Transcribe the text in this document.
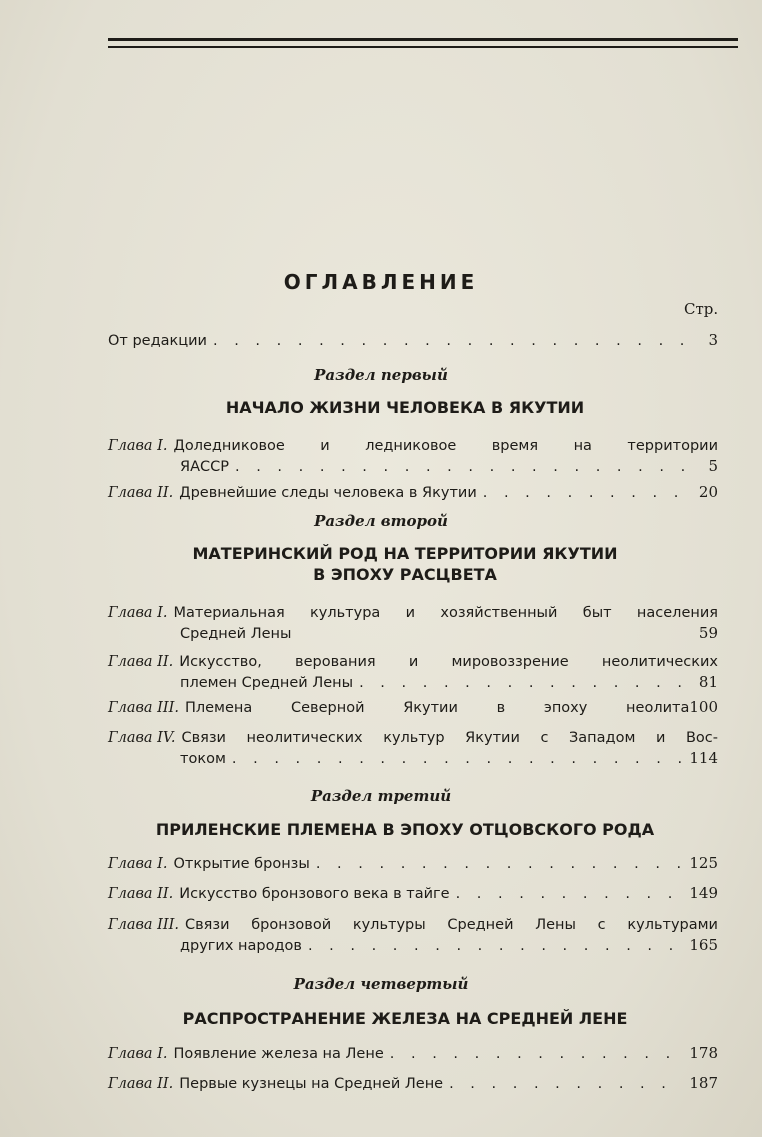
ОГЛАВЛЕНИЕ
Стр.
От редакции . . .	3
Раздел первый
НАЧАЛО ЖИЗНИ ЧЕЛОВЕКА В ЯКУТИИ
Глава I. Доледниковое и ледниковое время на территории
ЯАССР . . .	5
Глава II. Древнейшие следы человека в Якутии . . .	20
Раздел второй
МАТЕРИНСКИЙ РОД НА ТЕРРИТОРИИ ЯКУТИИ
В ЭПОХУ РАСЦВЕТА
Глава I. Материальная культура и хозяйственный быт населения
Средней Лены	59
Глава II. Искусство, верования и мировоззрение неолитических
племен Средней Лены . . .	81
Глава III. Племена Северной Якутии в эпоху неолита 100
Глава IV. Связи неолитических культур Якутии с Западом и Вос-
током . . .	114
Раздел третий
ПРИЛЕНСКИЕ ПЛЕМЕНА В ЭПОХУ ОТЦОВСКОГО РОДА
Глава I. Открытие бронзы . . .	125
Глава II. Искусство бронзового века в тайге . . .	149
Глава III. Связи бронзовой культуры Средней Лены с культурами
других народов . . .	165
Раздел четвертый
РАСПРОСТРАНЕНИЕ ЖЕЛЕЗА НА СРЕДНЕЙ ЛЕНЕ
Глава I. Появление железа на Лене . . .	178
Глава II. Первые кузнецы на Средней Лене . . .	187
